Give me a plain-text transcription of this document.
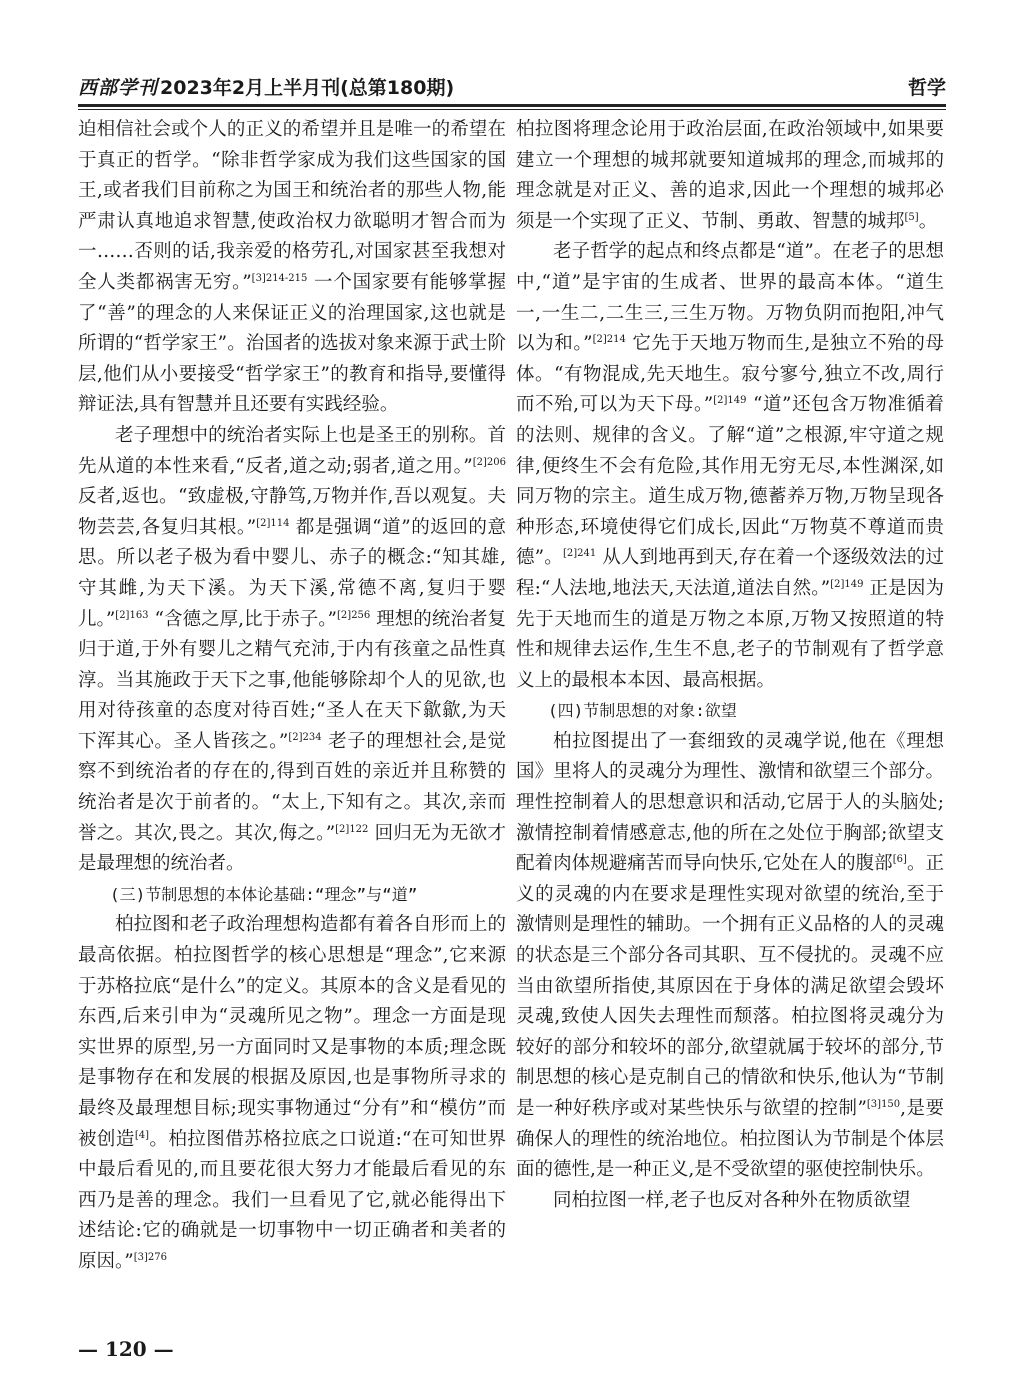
西部学刊 2023年2月上半月刊(总第180期)	哲学

迫相信社会或个人的正义的希望并且是唯一的希望在于真正的哲学。“除非哲学家成为我们这些国家的国王,或者我们目前称之为国王和统治者的那些人物,能严肃认真地追求智慧,使政治权力欲聪明才智合而为一……否则的话,我亲爱的格劳孔,对国家甚至我想对全人类都祸害无穷。”$^{[3]214-215}$ 一个国家要有能够掌握了“善”的理念的人来保证正义的治理国家,这也就是所谓的“哲学家王”。治国者的选拔对象来源于武士阶层,他们从小要接受“哲学家王”的教育和指导,要懂得辩证法,具有智慧并且还要有实践经验。

老子理想中的统治者实际上也是圣王的别称。首先从道的本性来看,“反者,道之动;弱者,道之用。”$^{[2]206}$ 反者,返也。“致虚极,守静笃,万物并作,吾以观复。夫物芸芸,各复归其根。”$^{[2]114}$ 都是强调“道”的返回的意思。所以老子极为看中婴儿、赤子的概念:“知其雄,守其雌,为天下溪。为天下溪,常德不离,复归于婴儿。”$^{[2]163}$ “含德之厚,比于赤子。”$^{[2]256}$ 理想的统治者复归于道,于外有婴儿之精气充沛,于内有孩童之品性真淳。当其施政于天下之事,他能够除却个人的见欲,也用对待孩童的态度对待百姓;“圣人在天下歙歙,为天下浑其心。圣人皆孩之。”$^{[2]234}$ 老子的理想社会,是觉察不到统治者的存在的,得到百姓的亲近并且称赞的统治者是次于前者的。“太上,下知有之。其次,亲而誉之。其次,畏之。其次,侮之。”$^{[2]122}$ 回归无为无欲才是最理想的统治者。

(三)节制思想的本体论基础:“理念”与“道”

柏拉图和老子政治理想构造都有着各自形而上的最高依据。柏拉图哲学的核心思想是“理念”,它来源于苏格拉底“是什么”的定义。其原本的含义是看见的东西,后来引申为“灵魂所见之物”。理念一方面是现实世界的原型,另一方面同时又是事物的本质;理念既是事物存在和发展的根据及原因,也是事物所寻求的最终及最理想目标;现实事物通过“分有”和“模仿”而被创造[4]。柏拉图借苏格拉底之口说道:“在可知世界中最后看见的,而且要花很大努力才能最后看见的东西乃是善的理念。我们一旦看见了它,就必能得出下述结论:它的确就是一切事物中一切正确者和美者的原因。”$^{[3]276}$

柏拉图将理念论用于政治层面,在政治领域中,如果要建立一个理想的城邦就要知道城邦的理念,而城邦的理念就是对正义、善的追求,因此一个理想的城邦必须是一个实现了正义、节制、勇敢、智慧的城邦[5]。

老子哲学的起点和终点都是“道”。在老子的思想中,“道”是宇宙的生成者、世界的最高本体。“道生一,一生二,二生三,三生万物。万物负阴而抱阳,冲气以为和。”$^{[2]214}$ 它先于天地万物而生,是独立不殆的母体。“有物混成,先天地生。寂兮寥兮,独立不改,周行而不殆,可以为天下母。”$^{[2]149}$ “道”还包含万物准循着的法则、规律的含义。了解“道”之根源,牢守道之规律,便终生不会有危险,其作用无穷无尽,本性渊深,如同万物的宗主。道生成万物,德蓄养万物,万物呈现各种形态,环境使得它们成长,因此“万物莫不尊道而贵德”。$^{[2]241}$ 从人到地再到天,存在着一个逐级效法的过程:“人法地,地法天,天法道,道法自然。”$^{[2]149}$ 正是因为先于天地而生的道是万物之本原,万物又按照道的特性和规律去运作,生生不息,老子的节制观有了哲学意义上的最根本本因、最高根据。

(四)节制思想的对象:欲望

柏拉图提出了一套细致的灵魂学说,他在《理想国》里将人的灵魂分为理性、激情和欲望三个部分。理性控制着人的思想意识和活动,它居于人的头脑处;激情控制着情感意志,他的所在之处位于胸部;欲望支配着肉体规避痛苦而导向快乐,它处在人的腹部[6]。正义的灵魂的内在要求是理性实现对欲望的统治,至于激情则是理性的辅助。一个拥有正义品格的人的灵魂的状态是三个部分各司其职、互不侵扰的。灵魂不应当由欲望所指使,其原因在于身体的满足欲望会毁坏灵魂,致使人因失去理性而颓落。柏拉图将灵魂分为较好的部分和较坏的部分,欲望就属于较坏的部分,节制思想的核心是克制自己的情欲和快乐,他认为“节制是一种好秩序或对某些快乐与欲望的控制”$^{[3]150}$,是要确保人的理性的统治地位。柏拉图认为节制是个体层面的德性,是一种正义,是不受欲望的驱使控制快乐。

同柏拉图一样,老子也反对各种外在物质欲望

— 120 —
